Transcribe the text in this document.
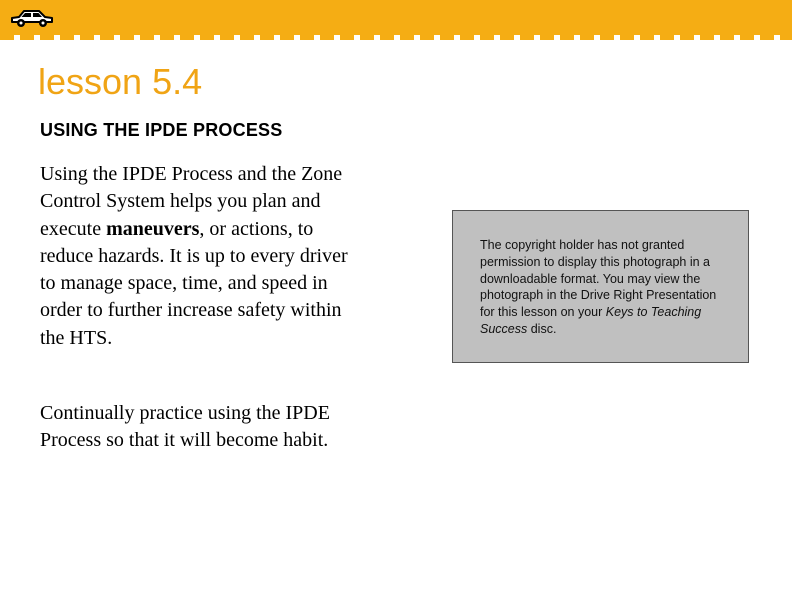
lesson 5.4
USING THE IPDE PROCESS

Using the IPDE Process and the Zone Control System helps you plan and execute maneuvers, or actions, to reduce hazards. It is up to every driver to manage space, time, and speed in order to further increase safety within the HTS.

Continually practice using the IPDE Process so that it will become habit.

The copyright holder has not granted permission to display this photograph in a downloadable format. You may view the photograph in the Drive Right Presentation for this lesson on your Keys to Teaching Success disc.
